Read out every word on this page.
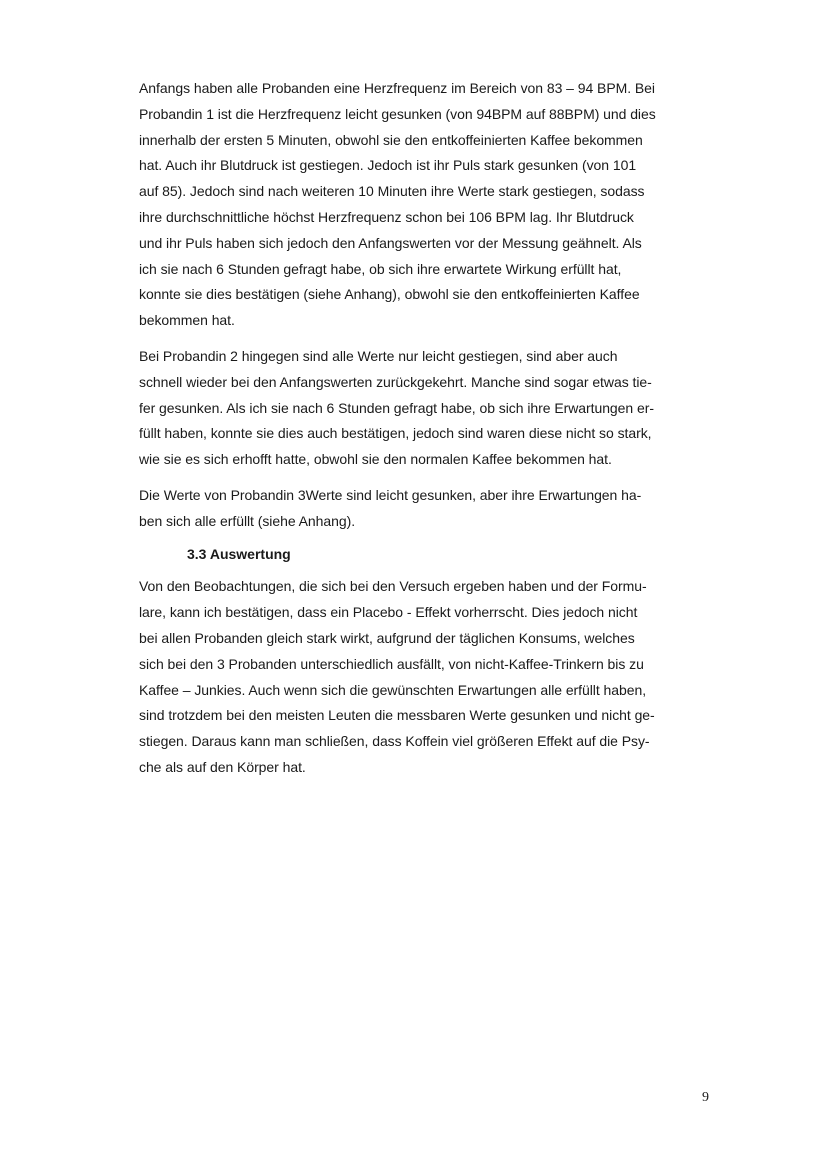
Anfangs haben alle Probanden eine Herzfrequenz im Bereich von 83 – 94 BPM. Bei
Probandin 1 ist die Herzfrequenz leicht gesunken (von 94BPM auf 88BPM) und dies
innerhalb der ersten 5 Minuten, obwohl sie den entkoffeinierten Kaffee bekommen
hat. Auch ihr Blutdruck ist gestiegen. Jedoch ist ihr Puls stark gesunken (von 101
auf 85). Jedoch sind nach weiteren 10 Minuten ihre Werte stark gestiegen, sodass
ihre durchschnittliche höchst Herzfrequenz schon bei 106 BPM lag. Ihr Blutdruck
und ihr Puls haben sich jedoch den Anfangswerten vor der Messung geähnelt. Als
ich sie nach 6 Stunden gefragt habe, ob sich ihre erwartete Wirkung erfüllt hat,
konnte sie dies bestätigen (siehe Anhang), obwohl sie den entkoffeinierten Kaffee
bekommen hat.

Bei Probandin 2 hingegen sind alle Werte nur leicht gestiegen, sind aber auch
schnell wieder bei den Anfangswerten zurückgekehrt. Manche sind sogar etwas tie-
fer gesunken. Als ich sie nach 6 Stunden gefragt habe, ob sich ihre Erwartungen er-
füllt haben, konnte sie dies auch bestätigen, jedoch sind waren diese nicht so stark,
wie sie es sich erhofft hatte, obwohl sie den normalen Kaffee bekommen hat.

Die Werte von Probandin 3Werte sind leicht gesunken, aber ihre Erwartungen ha-
ben sich alle erfüllt (siehe Anhang).

3.3 Auswertung

Von den Beobachtungen, die sich bei den Versuch ergeben haben und der Formu-
lare, kann ich bestätigen, dass ein Placebo - Effekt vorherrscht. Dies jedoch nicht
bei allen Probanden gleich stark wirkt, aufgrund der täglichen Konsums, welches
sich bei den 3 Probanden unterschiedlich ausfällt, von nicht-Kaffee-Trinkern bis zu
Kaffee – Junkies. Auch wenn sich die gewünschten Erwartungen alle erfüllt haben,
sind trotzdem bei den meisten Leuten die messbaren Werte gesunken und nicht ge-
stiegen. Daraus kann man schließen, dass Koffein viel größeren Effekt auf die Psy-
che als auf den Körper hat.

9
